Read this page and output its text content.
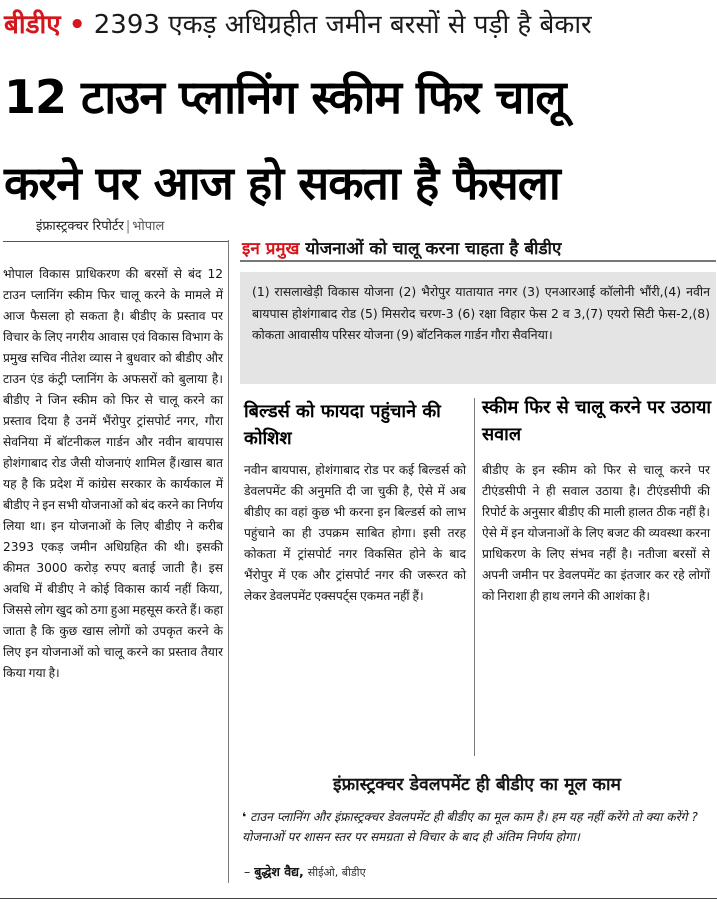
बीडीए • 2393 एकड़ अधिग्रहीत जमीन बरसों से पड़ी है बेकार
12 टाउन प्लानिंग स्कीम फिर चालू
करने पर आज हो सकता है फैसला
इंफ्रास्ट्रक्चर रिपोर्टर | भोपाल
भोपाल विकास प्राधिकरण की बरसों से बंद 12 टाउन प्लानिंग स्कीम फिर चालू करने के मामले में आज फैसला हो सकता है। बीडीए के प्रस्ताव पर विचार के लिए नगरीय आवास एवं विकास विभाग के प्रमुख सचिव नीतेश व्यास ने बुधवार को बीडीए और टाउन एंड कंट्री प्लानिंग के अफसरों को बुलाया है। बीडीए ने जिन स्कीम को फिर से चालू करने का प्रस्ताव दिया है उनमें भैंरोपुर ट्रांसपोर्ट नगर, गौरा सेवनिया में बॉटनीकल गार्डन और नवीन बायपास होशंगाबाद रोड जैसी योजनाएं शामिल हैं।खास बात यह है कि प्रदेश में कांग्रेस सरकार के कार्यकाल में बीडीए ने इन सभी योजनाओं को बंद करने का निर्णय लिया था। इन योजनाओं के लिए बीडीए ने करीब 2393 एकड़ जमीन अधिग्रहित की थी। इसकी कीमत 3000 करोड़ रुपए बताई जाती है। इस अवधि में बीडीए ने कोई विकास कार्य नहीं किया, जिससे लोग खुद को ठगा हुआ महसूस करते हैं। कहा जाता है कि कुछ खास लोगों को उपकृत करने के लिए इन योजनाओं को चालू करने का प्रस्ताव तैयार किया गया है।
इन प्रमुख योजनाओं को चालू करना चाहता है बीडीए
(1) रासलाखेड़ी विकास योजना (2) भैरोपुर यातायात नगर (3) एनआरआई कॉलोनी भौंरी,(4) नवीन बायपास होशंगाबाद रोड (5) मिसरोद चरण-3 (6) रक्षा विहार फेस 2 व 3,(7) एयरो सिटी फेस-2,(8) कोकता आवासीय परिसर योजना (9) बॉटनिकल गार्डन गौरा सैवनिया।
बिल्डर्स को फायदा पहुंचाने की कोशिश
नवीन बायपास, होशंगाबाद रोड पर कई बिल्डर्स को डेवलपमेंट की अनुमति दी जा चुकी है, ऐसे में अब बीडीए का वहां कुछ भी करना इन बिल्डर्स को लाभ पहुंचाने का ही उपक्रम साबित होगा। इसी तरह कोकता में ट्रांसपोर्ट नगर विकसित होने के बाद भैंरोपुर में एक और ट्रांसपोर्ट नगर की जरूरत को लेकर डेवलपमेंट एक्सपर्ट्स एकमत नहीं हैं।
स्कीम फिर से चालू करने पर उठाया सवाल
बीडीए के इन स्कीम को फिर से चालू करने पर टीएंडसीपी ने ही सवाल उठाया है। टीएंडसीपी की रिपोर्ट के अनुसार बीडीए की माली हालत ठीक नहीं है। ऐसे में इन योजनाओं के लिए बजट की व्यवस्था करना प्राधिकरण के लिए संभव नहीं है। नतीजा बरसों से अपनी जमीन पर डेवलपमेंट का इंतजार कर रहे लोगों को निराशा ही हाथ लगने की आशंका है।
इंफ्रास्ट्रक्चर डेवलपमेंट ही बीडीए का मूल काम
❛ टाउन प्लानिंग और इंफ्रास्ट्रक्चर डेवलपमेंट ही बीडीए का मूल काम है। हम यह नहीं करेंगे तो क्या करेंगे ? योजनाओं पर शासन स्तर पर समग्रता से विचार के बाद ही अंतिम निर्णय होगा।
– बुद्धेश वैद्य, सीईओ, बीडीए
